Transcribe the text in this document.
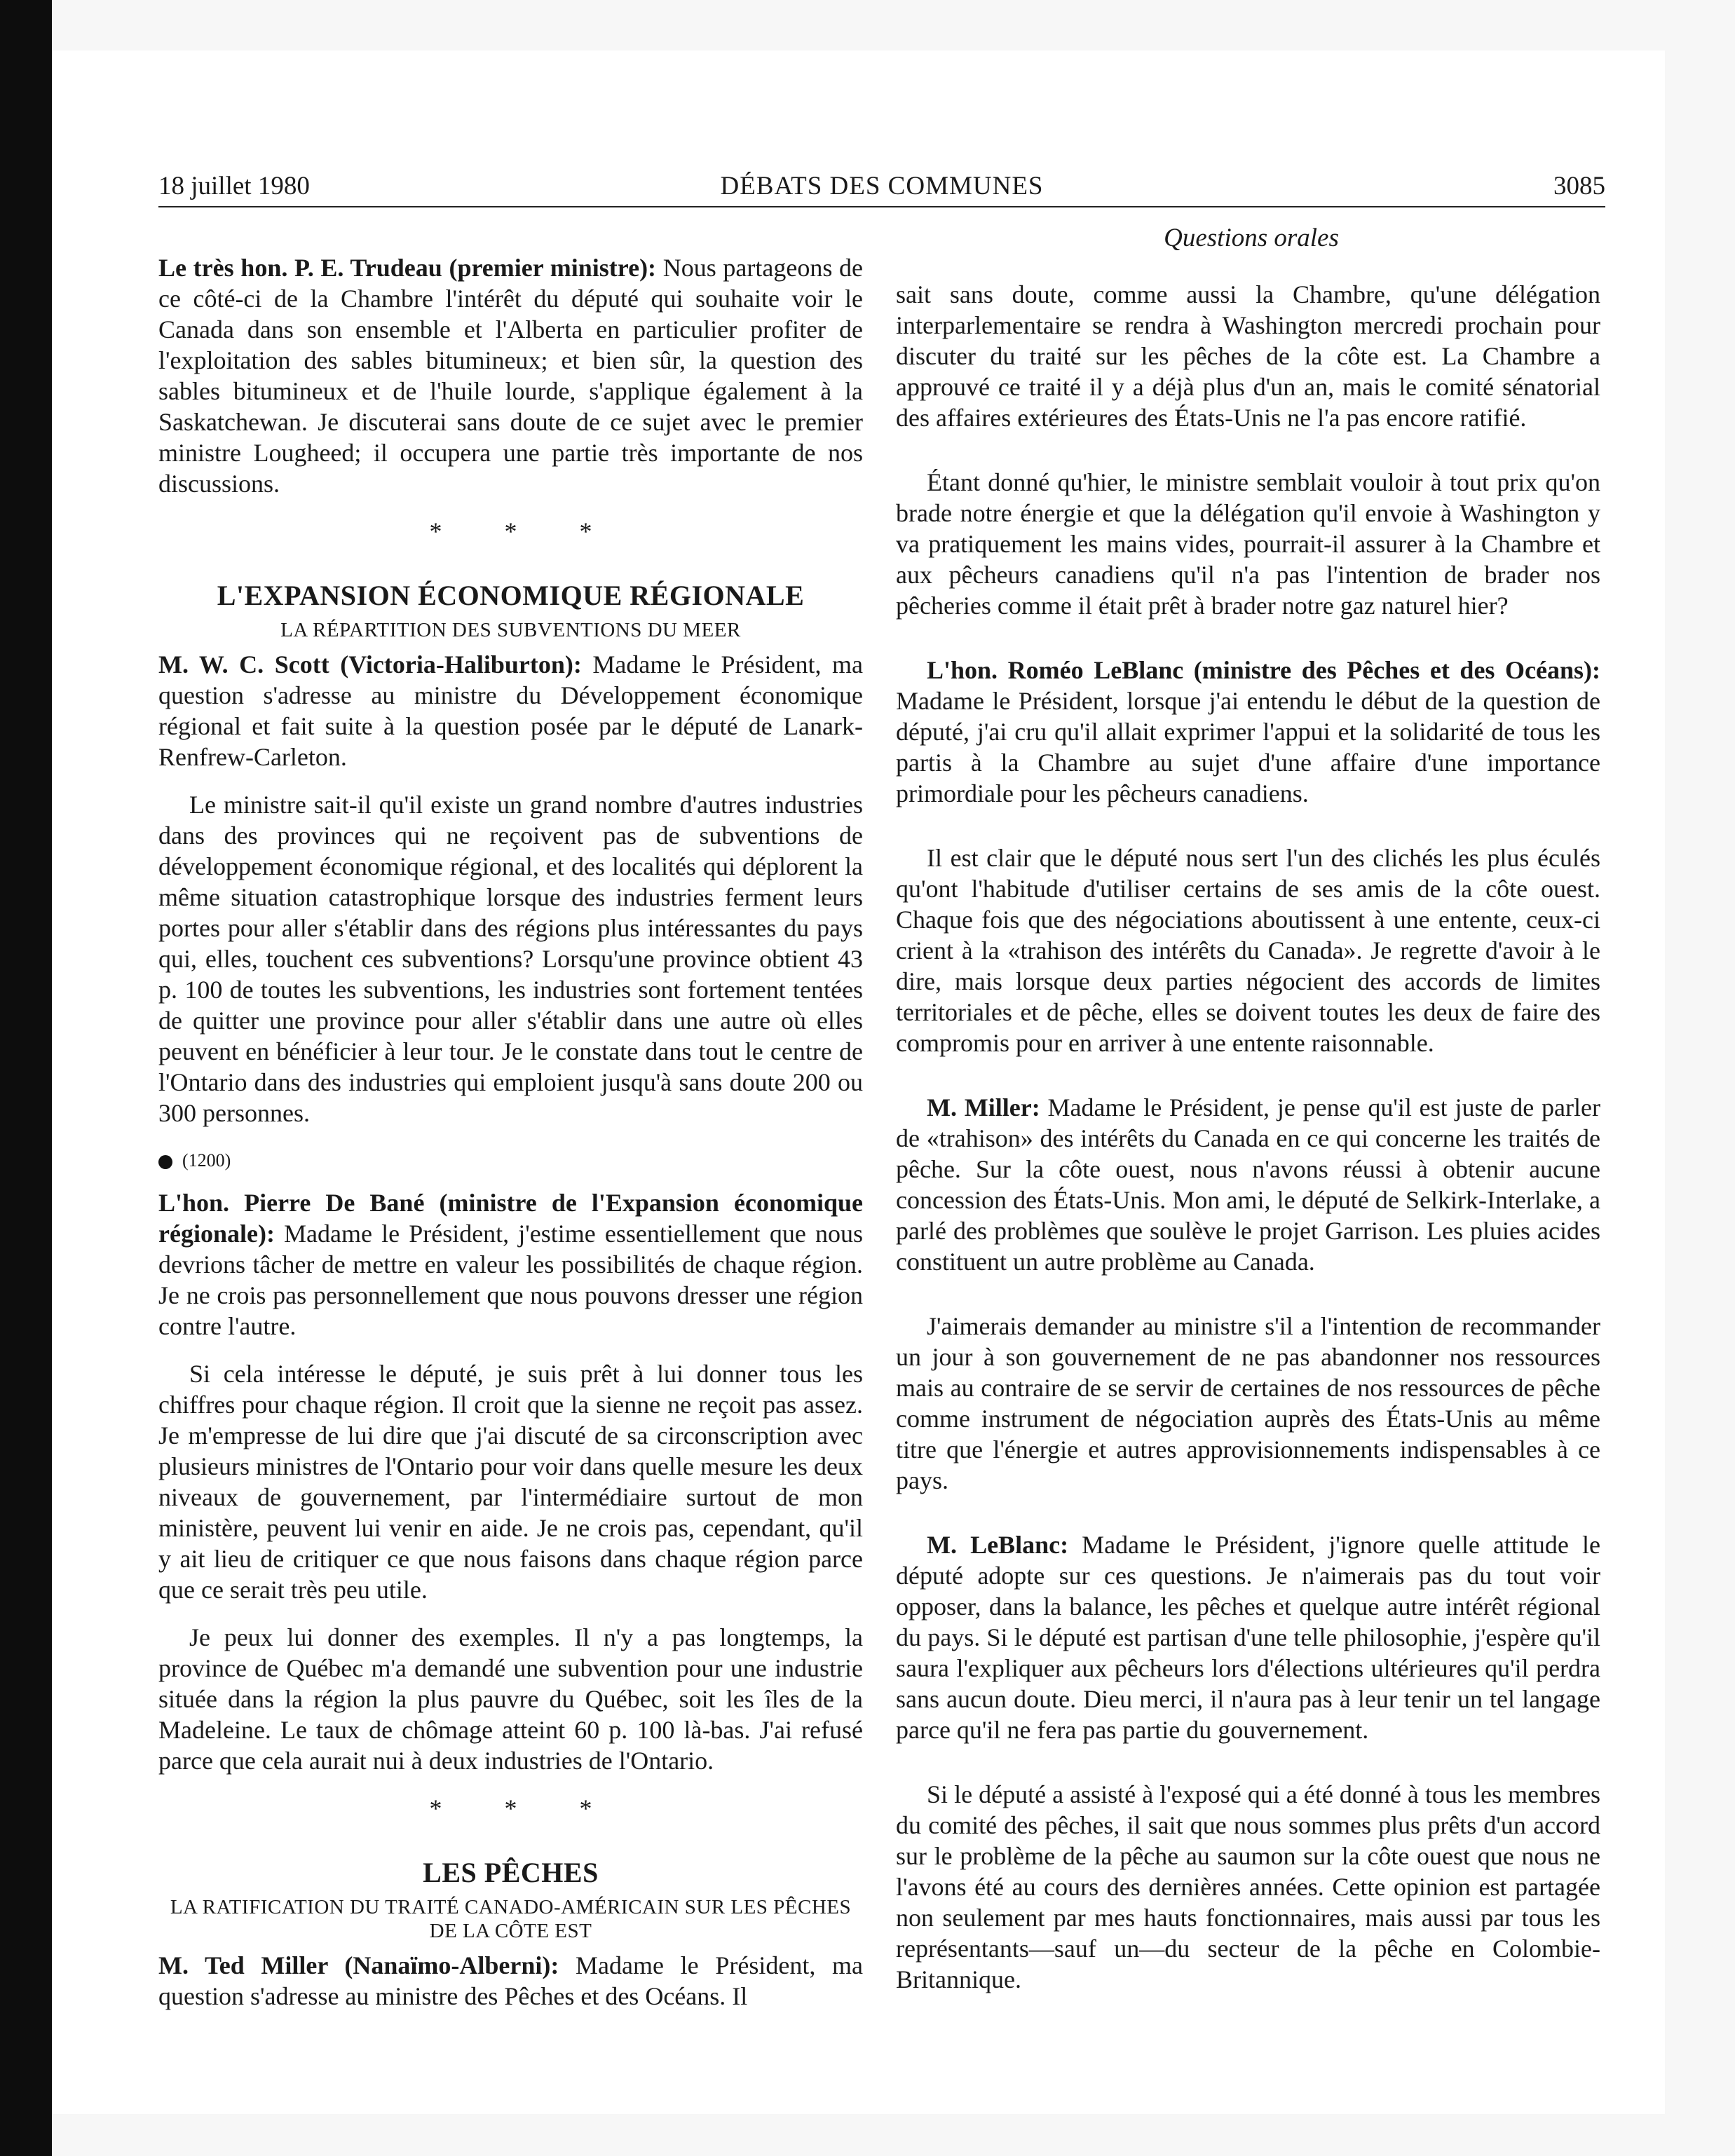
18 juillet 1980	DÉBATS DES COMMUNES	3085
Questions orales

Le très hon. P. E. Trudeau (premier ministre): Nous partageons de ce côté-ci de la Chambre l'intérêt du député qui souhaite voir le Canada dans son ensemble et l'Alberta en particulier profiter de l'exploitation des sables bitumineux; et bien sûr, la question des sables bitumineux et de l'huile lourde, s'applique également à la Saskatchewan. Je discuterai sans doute de ce sujet avec le premier ministre Lougheed; il occupera une partie très importante de nos discussions.

* * *
L'EXPANSION ÉCONOMIQUE RÉGIONALE
LA RÉPARTITION DES SUBVENTIONS DU MEER

M. W. C. Scott (Victoria-Haliburton): Madame le Président, ma question s'adresse au ministre du Développement économique régional et fait suite à la question posée par le député de Lanark-Renfrew-Carleton.

Le ministre sait-il qu'il existe un grand nombre d'autres industries dans des provinces qui ne reçoivent pas de subventions de développement économique régional, et des localités qui déplorent la même situation catastrophique lorsque des industries ferment leurs portes pour aller s'établir dans des régions plus intéressantes du pays qui, elles, touchent ces subventions? Lorsqu'une province obtient 43 p. 100 de toutes les subventions, les industries sont fortement tentées de quitter une province pour aller s'établir dans une autre où elles peuvent en bénéficier à leur tour. Je le constate dans tout le centre de l'Ontario dans des industries qui emploient jusqu'à sans doute 200 ou 300 personnes.

(1200)

L'hon. Pierre De Bané (ministre de l'Expansion économique régionale): Madame le Président, j'estime essentiellement que nous devrions tâcher de mettre en valeur les possibilités de chaque région. Je ne crois pas personnellement que nous pouvons dresser une région contre l'autre.

Si cela intéresse le député, je suis prêt à lui donner tous les chiffres pour chaque région. Il croit que la sienne ne reçoit pas assez. Je m'empresse de lui dire que j'ai discuté de sa circonscription avec plusieurs ministres de l'Ontario pour voir dans quelle mesure les deux niveaux de gouvernement, par l'intermédiaire surtout de mon ministère, peuvent lui venir en aide. Je ne crois pas, cependant, qu'il y ait lieu de critiquer ce que nous faisons dans chaque région parce que ce serait très peu utile.

Je peux lui donner des exemples. Il n'y a pas longtemps, la province de Québec m'a demandé une subvention pour une industrie située dans la région la plus pauvre du Québec, soit les îles de la Madeleine. Le taux de chômage atteint 60 p. 100 là-bas. J'ai refusé parce que cela aurait nui à deux industries de l'Ontario.

* * *
LES PÊCHES
LA RATIFICATION DU TRAITÉ CANADO-AMÉRICAIN SUR LES PÊCHES DE LA CÔTE EST

M. Ted Miller (Nanaïmo-Alberni): Madame le Président, ma question s'adresse au ministre des Pêches et des Océans. Il

sait sans doute, comme aussi la Chambre, qu'une délégation interparlementaire se rendra à Washington mercredi prochain pour discuter du traité sur les pêches de la côte est. La Chambre a approuvé ce traité il y a déjà plus d'un an, mais le comité sénatorial des affaires extérieures des États-Unis ne l'a pas encore ratifié.

Étant donné qu'hier, le ministre semblait vouloir à tout prix qu'on brade notre énergie et que la délégation qu'il envoie à Washington y va pratiquement les mains vides, pourrait-il assurer à la Chambre et aux pêcheurs canadiens qu'il n'a pas l'intention de brader nos pêcheries comme il était prêt à brader notre gaz naturel hier?

L'hon. Roméo LeBlanc (ministre des Pêches et des Océans): Madame le Président, lorsque j'ai entendu le début de la question de député, j'ai cru qu'il allait exprimer l'appui et la solidarité de tous les partis à la Chambre au sujet d'une affaire d'une importance primordiale pour les pêcheurs canadiens.

Il est clair que le député nous sert l'un des clichés les plus éculés qu'ont l'habitude d'utiliser certains de ses amis de la côte ouest. Chaque fois que des négociations aboutissent à une entente, ceux-ci crient à la «trahison des intérêts du Canada». Je regrette d'avoir à le dire, mais lorsque deux parties négocient des accords de limites territoriales et de pêche, elles se doivent toutes les deux de faire des compromis pour en arriver à une entente raisonnable.

M. Miller: Madame le Président, je pense qu'il est juste de parler de «trahison» des intérêts du Canada en ce qui concerne les traités de pêche. Sur la côte ouest, nous n'avons réussi à obtenir aucune concession des États-Unis. Mon ami, le député de Selkirk-Interlake, a parlé des problèmes que soulève le projet Garrison. Les pluies acides constituent un autre problème au Canada.

J'aimerais demander au ministre s'il a l'intention de recommander un jour à son gouvernement de ne pas abandonner nos ressources mais au contraire de se servir de certaines de nos ressources de pêche comme instrument de négociation auprès des États-Unis au même titre que l'énergie et autres approvisionnements indispensables à ce pays.

M. LeBlanc: Madame le Président, j'ignore quelle attitude le député adopte sur ces questions. Je n'aimerais pas du tout voir opposer, dans la balance, les pêches et quelque autre intérêt régional du pays. Si le député est partisan d'une telle philosophie, j'espère qu'il saura l'expliquer aux pêcheurs lors d'élections ultérieures qu'il perdra sans aucun doute. Dieu merci, il n'aura pas à leur tenir un tel langage parce qu'il ne fera pas partie du gouvernement.

Si le député a assisté à l'exposé qui a été donné à tous les membres du comité des pêches, il sait que nous sommes plus prêts d'un accord sur le problème de la pêche au saumon sur la côte ouest que nous ne l'avons été au cours des dernières années. Cette opinion est partagée non seulement par mes hauts fonctionnaires, mais aussi par tous les représentants—sauf un—du secteur de la pêche en Colombie-Britannique.
